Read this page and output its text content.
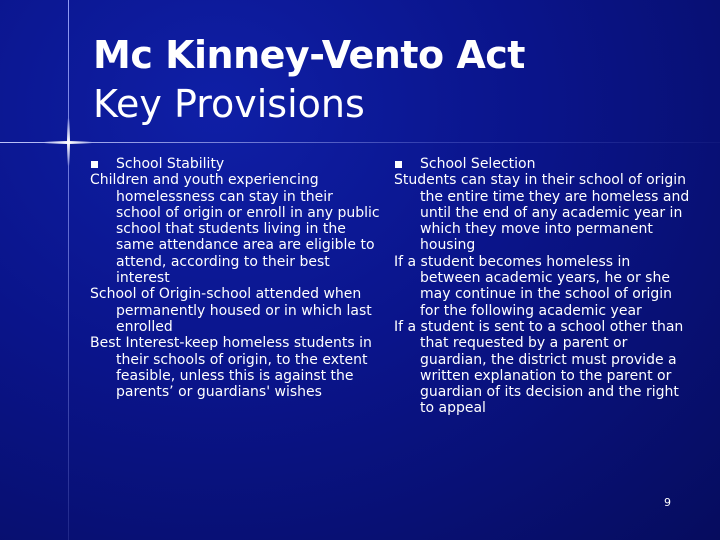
Mc Kinney-Vento Act
Key Provisions
School Stability
Children and youth experiencing homelessness can stay in their school of origin or enroll in any public school that students living in the same attendance area are eligible to attend, according to their best interest
School of Origin-school attended when permanently housed or in which last enrolled
Best Interest-keep homeless students in their schools of origin, to the extent feasible, unless this is against the parents’ or guardians' wishes
School Selection
Students can stay in their school of origin the entire time they are homeless and until the end of any academic year in which they move into permanent housing
If a student becomes homeless in between academic years, he or she may continue in the school of origin for the following academic year
If a student is sent to a school other than that requested by a parent or guardian, the district must provide a written explanation to the parent or guardian of its decision and the right to appeal
9
